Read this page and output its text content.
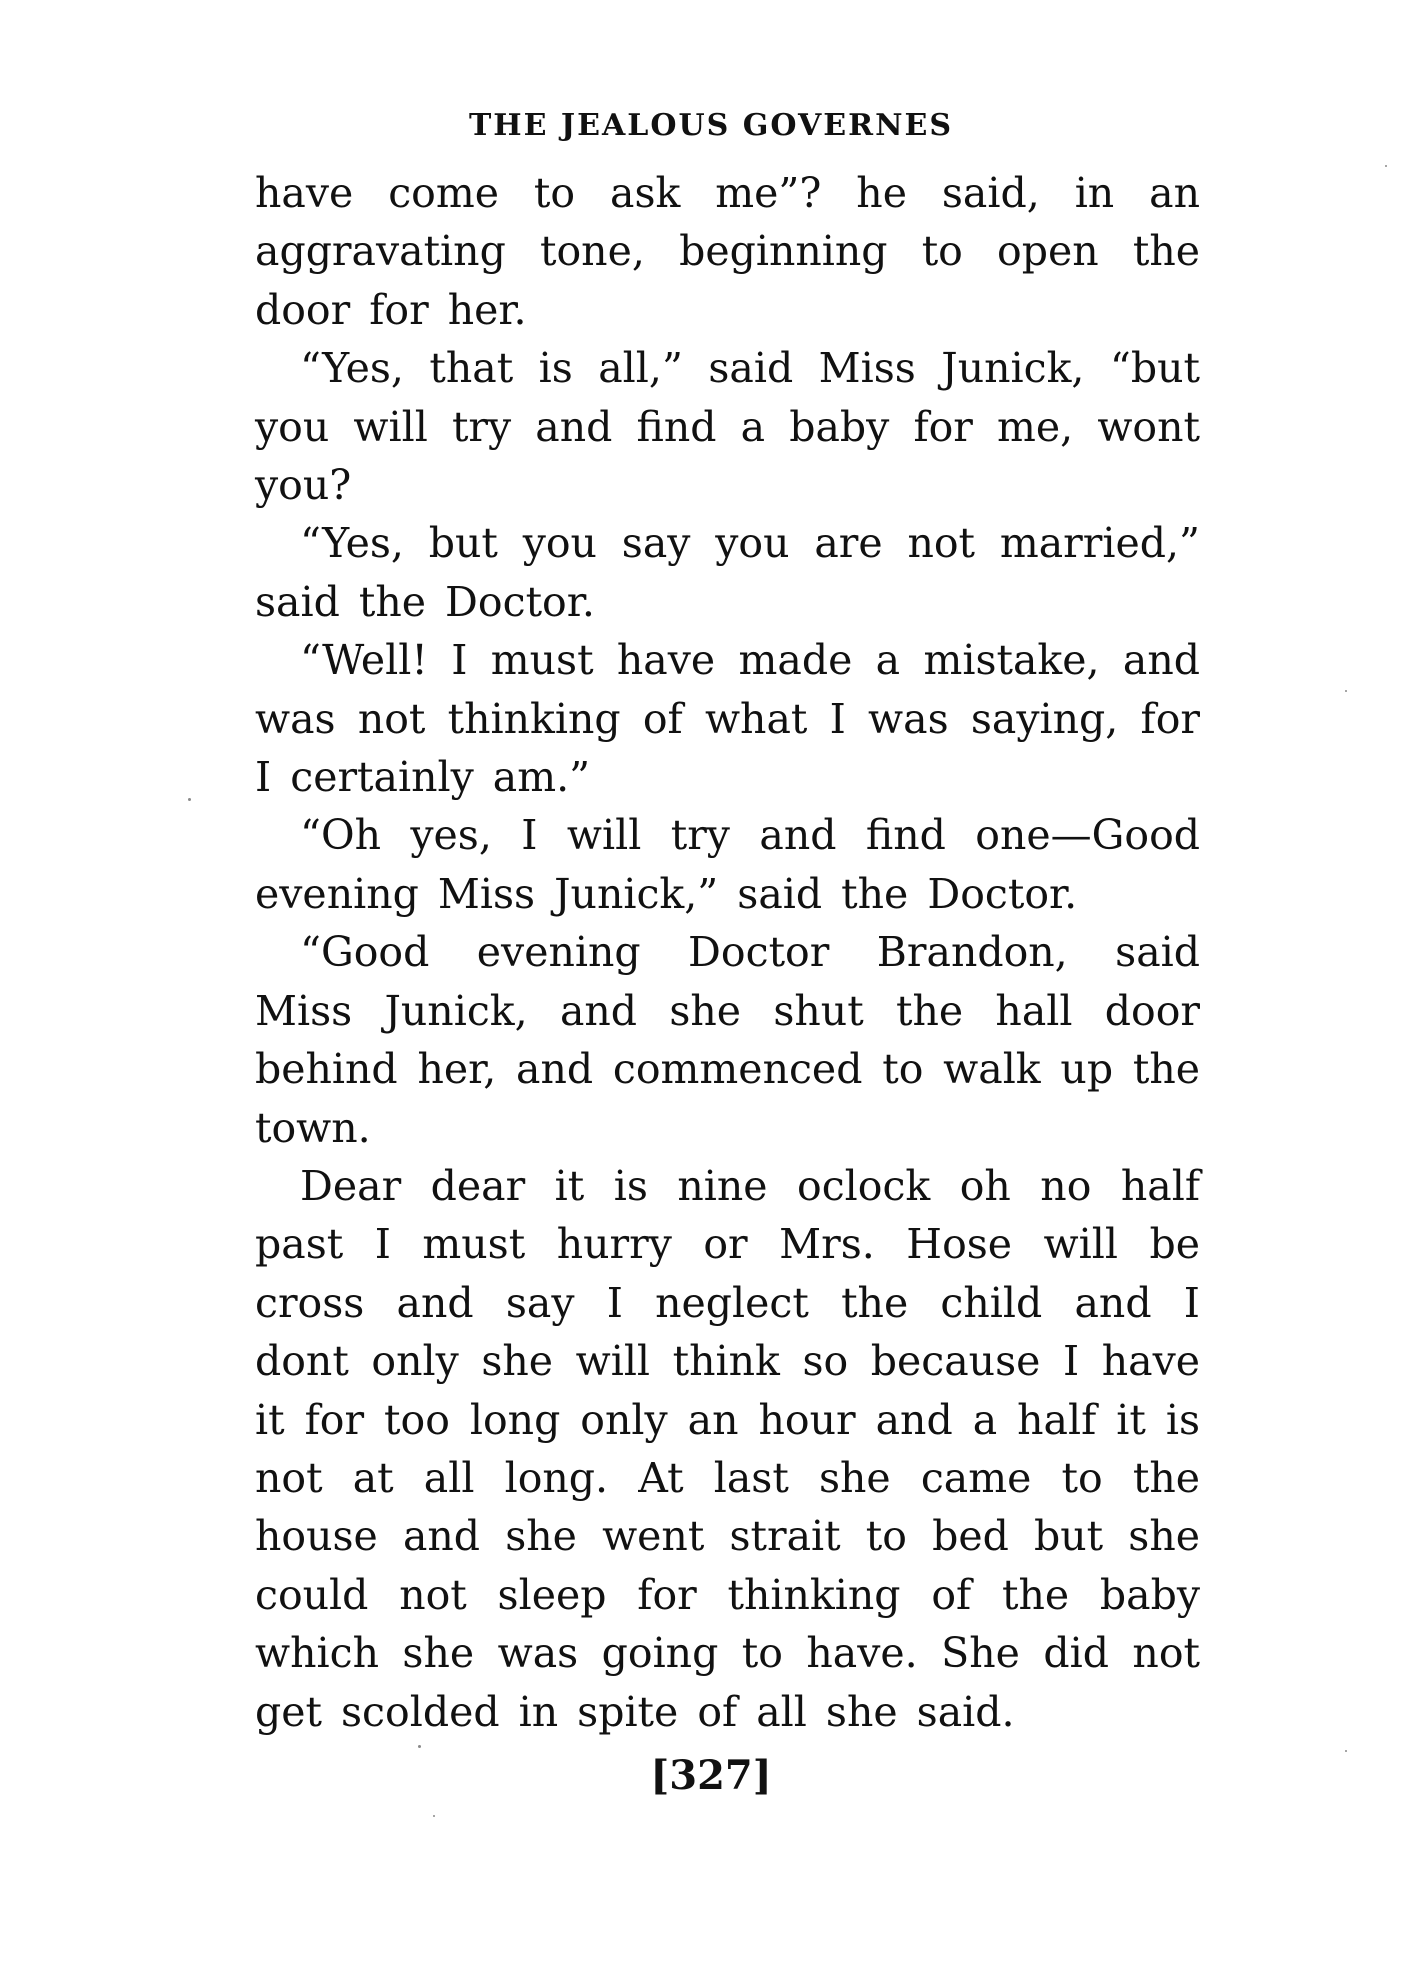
THE JEALOUS GOVERNES

have come to ask me”? he said, in an aggravating tone, beginning to open the door for her.

“Yes, that is all,” said Miss Junick, “but you will try and find a baby for me, wont you?

“Yes, but you say you are not married,” said the Doctor.

“Well! I must have made a mistake, and was not thinking of what I was saying, for I certainly am.”

“Oh yes, I will try and find one—Good evening Miss Junick,” said the Doctor.

“Good evening Doctor Brandon, said Miss Junick, and she shut the hall door behind her, and commenced to walk up the town.

Dear dear it is nine oclock oh no half past I must hurry or Mrs. Hose will be cross and say I neglect the child and I dont only she will think so because I have it for too long only an hour and a half it is not at all long. At last she came to the house and she went strait to bed but she could not sleep for thinking of the baby which she was going to have. She did not get scolded in spite of all she said.

[327]
